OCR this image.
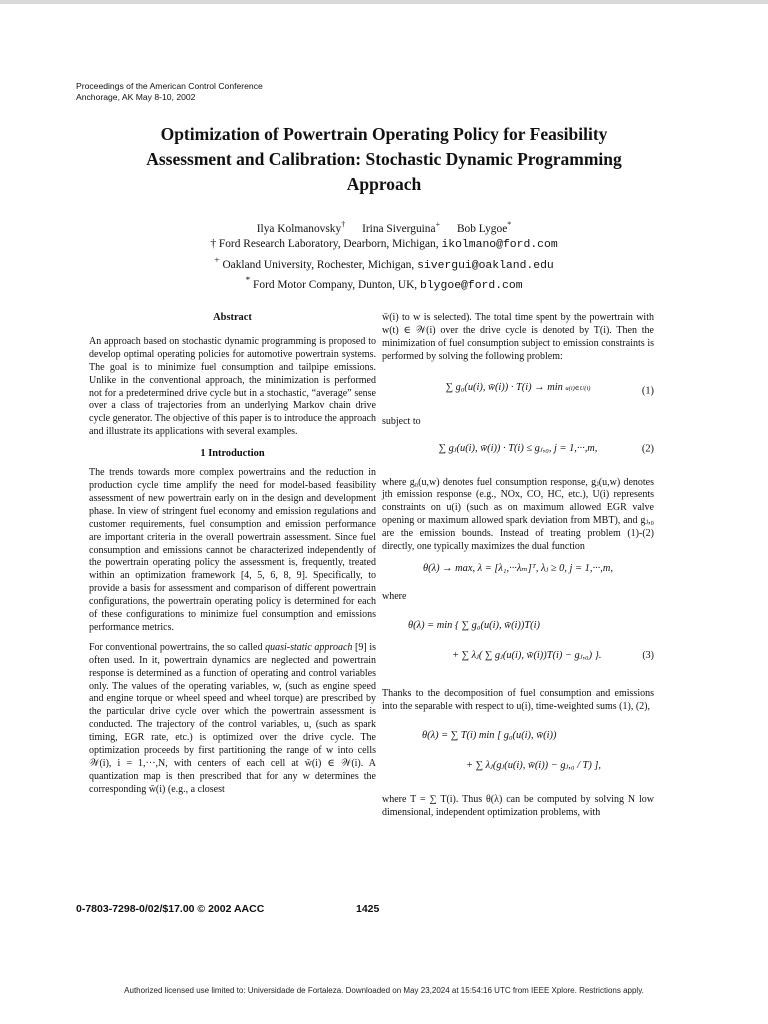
Proceedings of the American Control Conference
Anchorage, AK May 8-10, 2002
Optimization of Powertrain Operating Policy for Feasibility
Assessment and Calibration: Stochastic Dynamic Programming
Approach
Ilya Kolmanovsky† Irina Siverguina+ Bob Lygoe*
† Ford Research Laboratory, Dearborn, Michigan, ikolmano@ford.com
+ Oakland University, Rochester, Michigan, sivergui@oakland.edu
* Ford Motor Company, Dunton, UK, blygoe@ford.com
Abstract

An approach based on stochastic dynamic programming is proposed to develop optimal operating policies for automotive powertrain systems. The goal is to minimize fuel consumption and tailpipe emissions. Unlike in the conventional approach, the minimization is performed not for a predetermined drive cycle but in a stochastic, “average” sense over a class of trajectories from an underlying Markov chain drive cycle generator. The objective of this paper is to introduce the approach and illustrate its applications with several examples.

1 Introduction

The trends towards more complex powertrains and the reduction in production cycle time amplify the need for model-based feasibility assessment of new powertrain early on in the design and development phase. In view of stringent fuel economy and emission regulations and customer requirements, fuel consumption and emission performance are important criteria in the overall powertrain assessment. Since fuel consumption and emissions cannot be characterized independently of the powertrain operating policy the assessment is, frequently, treated within an optimization framework [4, 5, 6, 8, 9]. Specifically, to provide a basis for assessment and comparison of different powertrain configurations, the powertrain operating policy is determined for each of these configurations to minimize fuel consumption and emissions performance metrics.

For conventional powertrains, the so called quasi-static approach [9] is often used. In it, powertrain dynamics are neglected and powertrain response is determined as a function of operating and control variables only. The values of the operating variables, w, (such as engine speed and engine torque or wheel speed and wheel torque) are prescribed by the particular drive cycle over which the powertrain assessment is conducted. The trajectory of the control variables, u, (such as spark timing, EGR rate, etc.) is optimized over the drive cycle. The optimization proceeds by first partitioning the range of w into cells 𝒲(i), i = 1,···,N, with centers of each cell at w̄(i) ∈ 𝒲(i). A quantization map is then prescribed that for any w determines the corresponding w̄(i) (e.g., a closest

w̄(i) to w is selected). The total time spent by the powertrain with w(t) ∈ 𝒲(i) over the drive cycle is denoted by T(i). Then the minimization of fuel consumption subject to emission constraints is performed by solving the following problem:

∑ g₀(u(i), w̄(i)) · T(i) → min u(i)∈U(i)	(1)

subject to

∑ gⱼ(u(i), w̄(i)) · T(i) ≤ gⱼ,₀, j = 1,···,m,	(2)

where g₀(u,w) denotes fuel consumption response, gⱼ(u,w) denotes jth emission response (e.g., NOx, CO, HC, etc.), U(i) represents constraints on u(i) (such as on maximum allowed EGR valve opening or maximum allowed spark deviation from MBT), and gⱼ,₀ are the emission bounds. Instead of treating problem (1)-(2) directly, one typically maximizes the dual function

θ(λ) → max, λ = [λ₁,···λₘ]ᵀ, λⱼ ≥ 0, j = 1,···,m,

where

θ(λ) = min { ∑ g₀(u(i), w̄(i))T(i)
+ ∑ λⱼ( ∑ gⱼ(u(i), w̄(i))T(i) − gⱼ,₀) }.	(3)

Thanks to the decomposition of fuel consumption and emissions into the separable with respect to u(i), time-weighted sums (1), (2),

θ(λ) = ∑ T(i) min [ g₀(u(i), w̄(i))
+ ∑ λⱼ(gⱼ(u(i), w̄(i)) − gⱼ,₀ / T) ],

where T = ∑ T(i). Thus θ(λ) can be computed by solving N low dimensional, independent optimization problems, with

0-7803-7298-0/02/$17.00 © 2002 AACC	1425
Authorized licensed use limited to: Universidade de Fortaleza. Downloaded on May 23,2024 at 15:54:16 UTC from IEEE Xplore. Restrictions apply.
